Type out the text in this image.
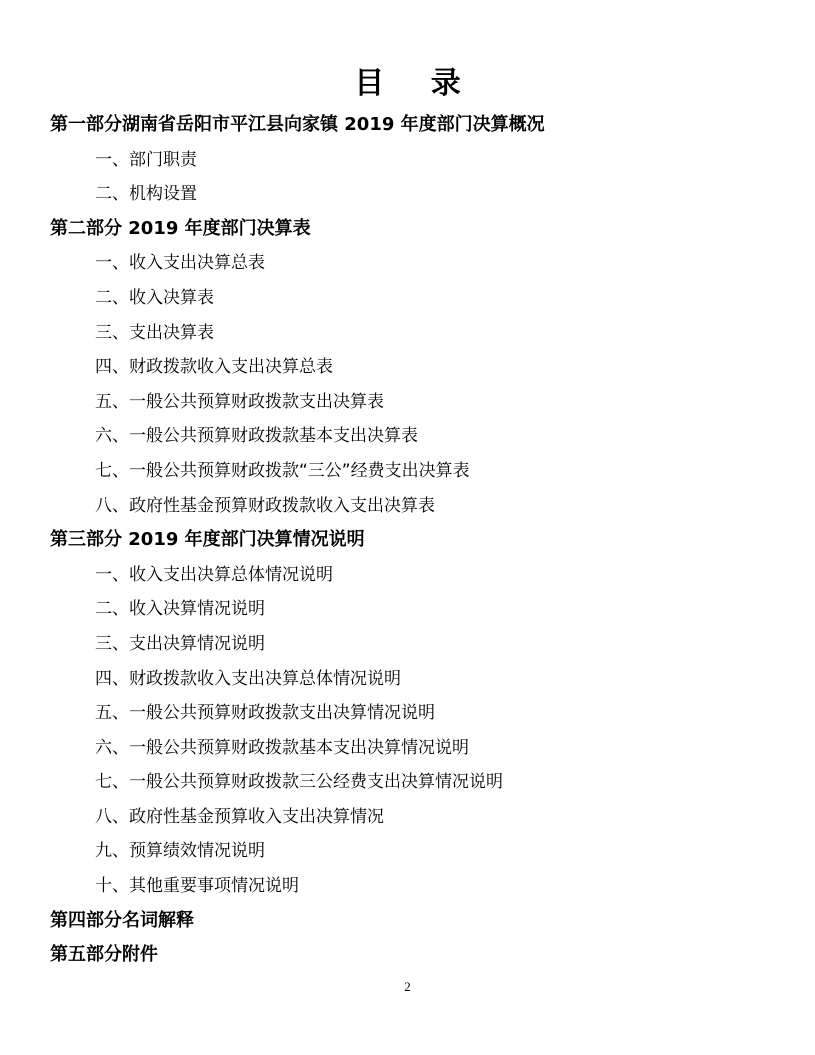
目 录
第一部分湖南省岳阳市平江县向家镇 2019 年度部门决算概况
一、部门职责
二、机构设置
第二部分 2019 年度部门决算表
一、收入支出决算总表
二、收入决算表
三、支出决算表
四、财政拨款收入支出决算总表
五、一般公共预算财政拨款支出决算表
六、一般公共预算财政拨款基本支出决算表
七、一般公共预算财政拨款“三公”经费支出决算表
八、政府性基金预算财政拨款收入支出决算表
第三部分 2019 年度部门决算情况说明
一、收入支出决算总体情况说明
二、收入决算情况说明
三、支出决算情况说明
四、财政拨款收入支出决算总体情况说明
五、一般公共预算财政拨款支出决算情况说明
六、一般公共预算财政拨款基本支出决算情况说明
七、一般公共预算财政拨款三公经费支出决算情况说明
八、政府性基金预算收入支出决算情况
九、预算绩效情况说明
十、其他重要事项情况说明
第四部分名词解释
第五部分附件
2
